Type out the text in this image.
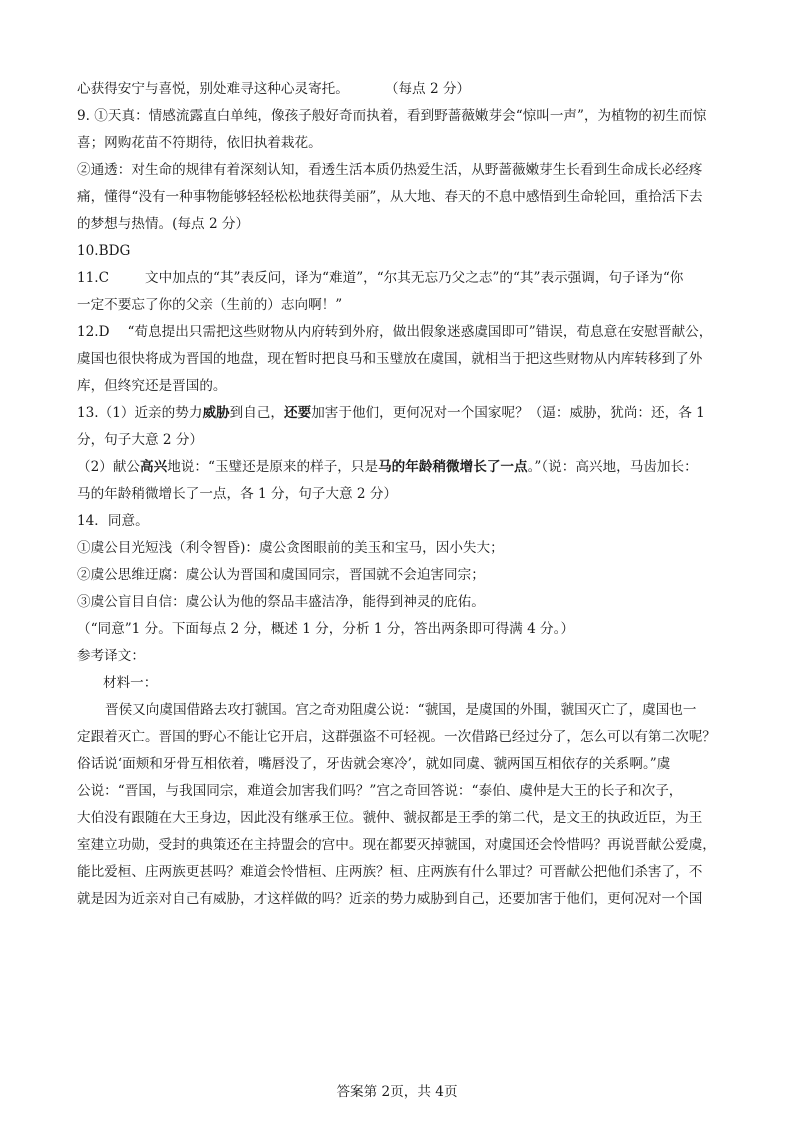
心获得安宁与喜悦，别处难寻这种心灵寄托。	（每点 2 分）
9. ①天真：情感流露直白单纯，像孩子般好奇而执着，看到野蔷薇嫩芽会“惊叫一声”，为植物的初生而惊
喜；网购花苗不符期待，依旧执着栽花。
②通透：对生命的规律有着深刻认知，看透生活本质仍热爱生活，从野蔷薇嫩芽生长看到生命成长必经疼
痛，懂得“没有一种事物能够轻轻松松地获得美丽”，从大地、春天的不息中感悟到生命轮回，重拾活下去
的梦想与热情。(每点 2 分）
10.BDG
11.C	文中加点的“其”表反问，译为“难道”，“尔其无忘乃父之志”的“其”表示强调，句子译为“你
一定不要忘了你的父亲（生前的）志向啊！”
12.D “荀息提出只需把这些财物从内府转到外府，做出假象迷惑虞国即可”错误，荀息意在安慰晋献公，
虞国也很快将成为晋国的地盘，现在暂时把良马和玉璧放在虞国，就相当于把这些财物从内库转移到了外
库，但终究还是晋国的。
13.（1）近亲的势力威胁到自己，还要加害于他们，更何况对一个国家呢？（逼：威胁，犹尚：还，各 1
分，句子大意 2 分）
（2）献公高兴地说：“玉璧还是原来的样子，只是马的年龄稍微增长了一点。”（说：高兴地，马齿加长：
马的年龄稍微增长了一点，各 1 分，句子大意 2 分）
14．同意。
①虞公目光短浅（利令智昏)：虞公贪图眼前的美玉和宝马，因小失大；
②虞公思维迂腐：虞公认为晋国和虞国同宗，晋国就不会迫害同宗；
③虞公盲目自信：虞公认为他的祭品丰盛洁净，能得到神灵的庇佑。
（“同意”1 分。下面每点 2 分，概述 1 分，分析 1 分，答出两条即可得满 4 分。）
参考译文：
材料一：
晋侯又向虞国借路去攻打虢国。宫之奇劝阻虞公说：“虢国，是虞国的外围，虢国灭亡了，虞国也一
定跟着灭亡。晋国的野心不能让它开启，这群强盗不可轻视。一次借路已经过分了，怎么可以有第二次呢？
俗话说‘面颊和牙骨互相依着，嘴唇没了，牙齿就会寒冷’，就如同虞、虢两国互相依存的关系啊。”虞
公说：“晋国，与我国同宗，难道会加害我们吗？”宫之奇回答说：“泰伯、虞仲是大王的长子和次子，
大伯没有跟随在大王身边，因此没有继承王位。虢仲、虢叔都是王季的第二代，是文王的执政近臣，为王
室建立功勋，受封的典策还在主持盟会的宫中。现在都要灭掉虢国，对虞国还会怜惜吗？再说晋献公爱虞，
能比爱桓、庄两族更甚吗？难道会怜惜桓、庄两族？桓、庄两族有什么罪过？可晋献公把他们杀害了，不
就是因为近亲对自己有威胁，才这样做的吗？近亲的势力威胁到自己，还要加害于他们，更何况对一个国
答案第 2页，共 4页
